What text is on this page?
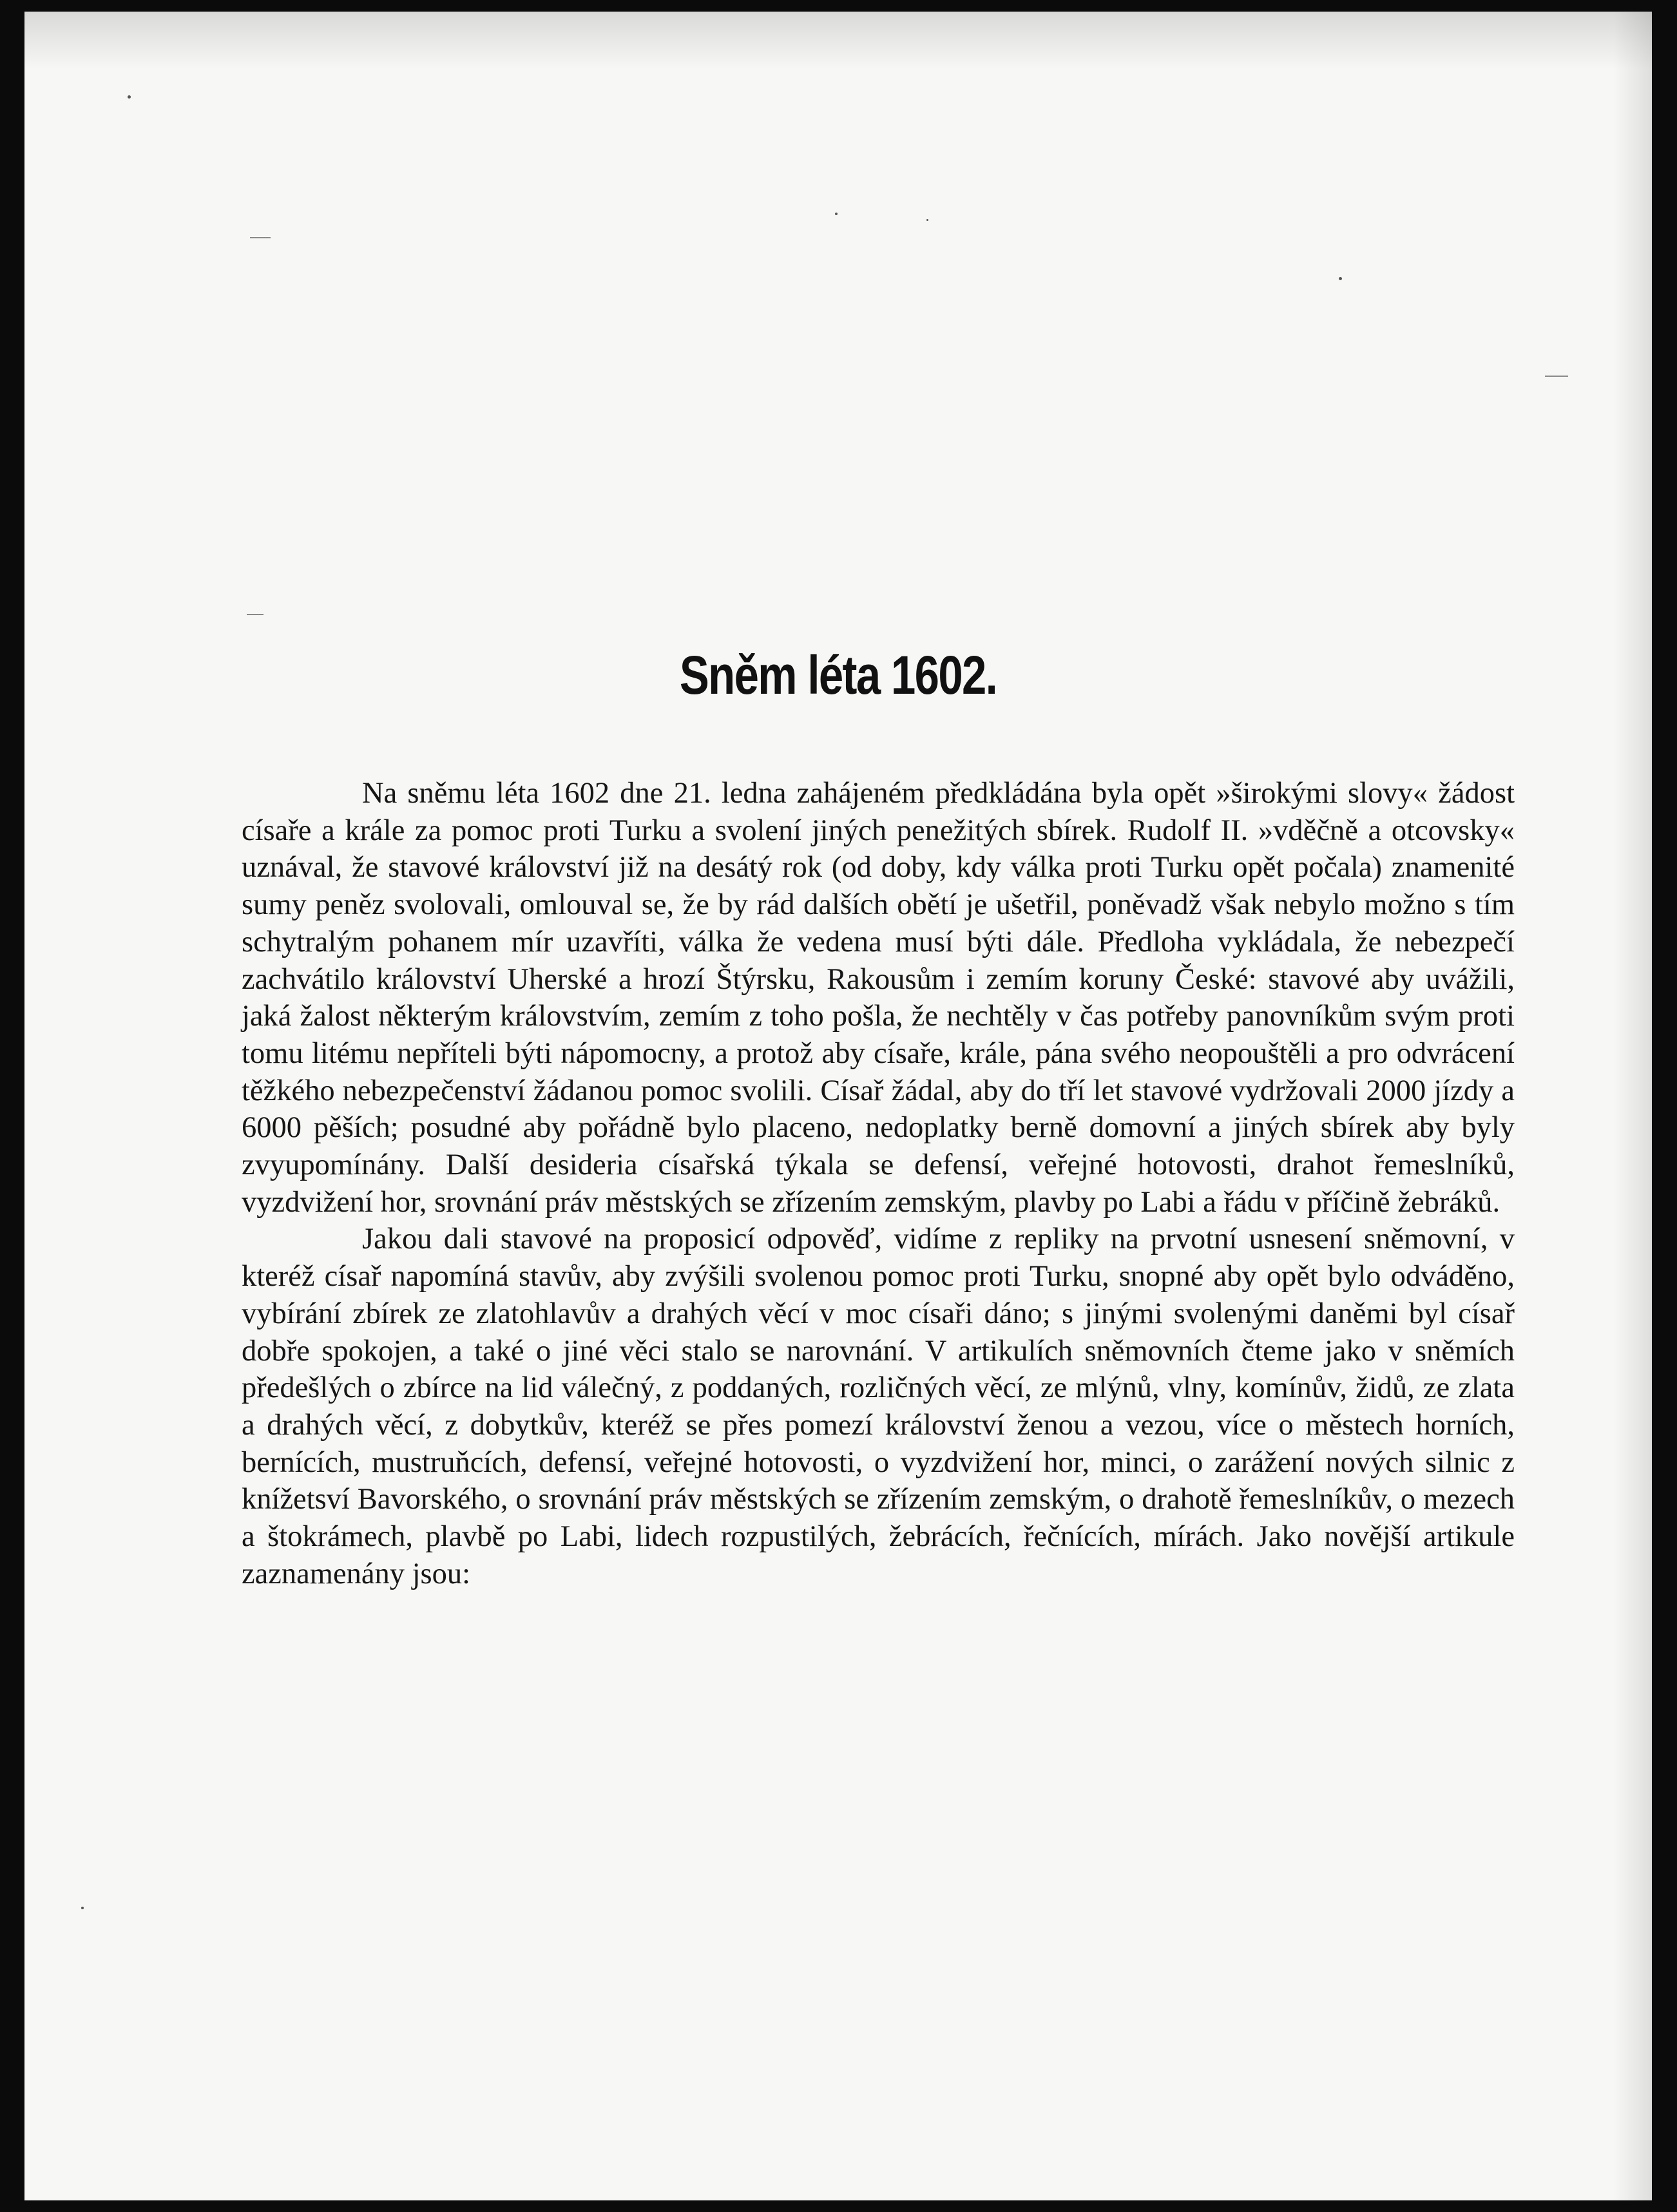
Sněm léta 1602.

Na sněmu léta 1602 dne 21. ledna zahájeném předkládána byla opět »širokými slovy« žádost císaře a krále za pomoc proti Turku a svolení jiných penežitých sbírek. Rudolf II. »vděčně a otcovsky« uznával, že stavové království již na desátý rok (od doby, kdy válka proti Turku opět počala) znamenité sumy peněz svolovali, omlouval se, že by rád dalších obětí je ušetřil, poněvadž však nebylo možno s tím schytralým pohanem mír uzavříti, válka že vedena musí býti dále. Předloha vykládala, že nebezpečí zachvátilo království Uherské a hrozí Štýrsku, Rakousům i zemím koruny České: stavové aby uvážili, jaká žalost některým královstvím, zemím z toho pošla, že nechtěly v čas potřeby panovníkům svým proti tomu litému nepříteli býti nápomocny, a protož aby císaře, krále, pána svého neopouštěli a pro odvrácení těžkého nebezpečenství žádanou pomoc svolili. Císař žádal, aby do tří let stavové vydržovali 2000 jízdy a 6000 pěších; posudné aby pořádně bylo placeno, nedoplatky berně domovní a jiných sbírek aby byly zvyupomínány. Další desideria císařská týkala se defensí, veřejné hotovosti, drahot řemeslníků, vyzdvižení hor, srovnání práv městských se zřízením zemským, plavby po Labi a řádu v příčině žebráků.

Jakou dali stavové na proposicí odpověď, vidíme z repliky na prvotní usnesení sněmovní, v kteréž císař napomíná stavův, aby zvýšili svolenou pomoc proti Turku, snopné aby opět bylo odváděno, vybírání zbírek ze zlatohlavův a drahých věcí v moc císaři dáno; s jinými svolenými daněmi byl císař dobře spokojen, a také o jiné věci stalo se narovnání. V artikulích sněmovních čteme jako v sněmích předešlých o zbírce na lid válečný, z poddaných, rozličných věcí, ze mlýnů, vlny, komínův, židů, ze zlata a drahých věcí, z dobytkův, kteréž se přes pomezí království ženou a vezou, více o městech horních, bernících, mustruňcích, defensí, veřejné hotovosti, o vyzdvižení hor, minci, o zarážení nových silnic z knížetsví Bavorského, o srovnání práv městských se zřízením zemským, o drahotě řemeslníkův, o mezech a štokrámech, plavbě po Labi, lidech rozpustilých, žebrácích, řečnících, mírách. Jako novější artikule zaznamenány jsou:
